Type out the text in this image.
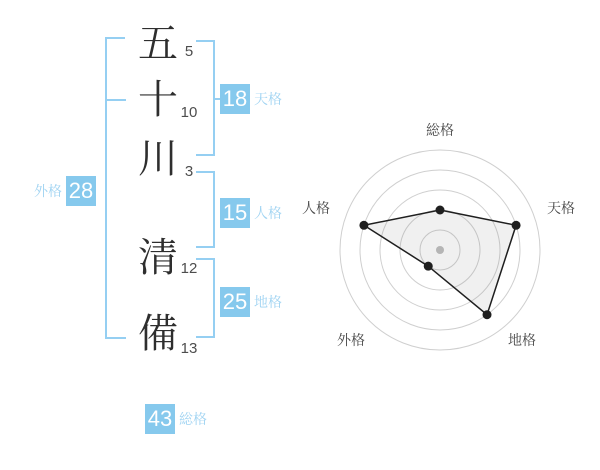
五
十
川
清
備
5
10
3
12
13
18 天格
15 人格
25 地格
外格 28
43 総格
総格
天格
地格
外格
人格
